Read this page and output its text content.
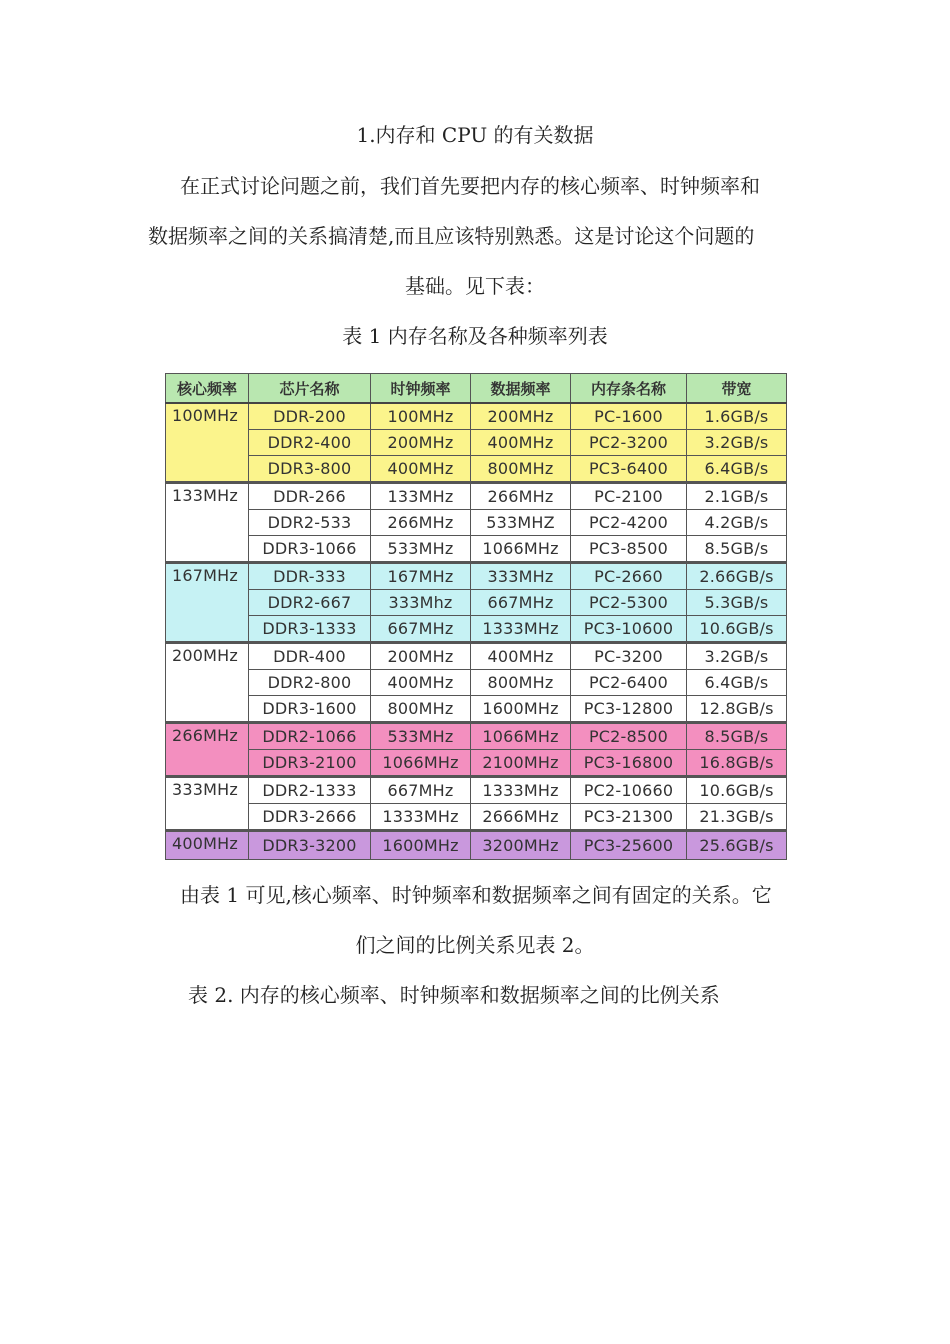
1.内存和 CPU 的有关数据
在正式讨论问题之前，我们首先要把内存的核心频率、时钟频率和
数据频率之间的关系搞清楚,而且应该特别熟悉。这是讨论这个问题的
基础。见下表：
表 1 内存名称及各种频率列表
核心频率	芯片名称	时钟频率	数据频率	内存条名称	带宽
100MHz	DDR-200	100MHz	200MHz	PC-1600	1.6GB/s
	DDR2-400	200MHz	400MHz	PC2-3200	3.2GB/s
	DDR3-800	400MHz	800MHz	PC3-6400	6.4GB/s
133MHz	DDR-266	133MHz	266MHz	PC-2100	2.1GB/s
	DDR2-533	266MHz	533MHZ	PC2-4200	4.2GB/s
	DDR3-1066	533MHz	1066MHz	PC3-8500	8.5GB/s
167MHz	DDR-333	167MHz	333MHz	PC-2660	2.66GB/s
	DDR2-667	333Mhz	667MHz	PC2-5300	5.3GB/s
	DDR3-1333	667MHz	1333MHz	PC3-10600	10.6GB/s
200MHz	DDR-400	200MHz	400MHz	PC-3200	3.2GB/s
	DDR2-800	400MHz	800MHz	PC2-6400	6.4GB/s
	DDR3-1600	800MHz	1600MHz	PC3-12800	12.8GB/s
266MHz	DDR2-1066	533MHz	1066MHz	PC2-8500	8.5GB/s
	DDR3-2100	1066MHz	2100MHz	PC3-16800	16.8GB/s
333MHz	DDR2-1333	667MHz	1333MHz	PC2-10660	10.6GB/s
	DDR3-2666	1333MHz	2666MHz	PC3-21300	21.3GB/s
400MHz	DDR3-3200	1600MHz	3200MHz	PC3-25600	25.6GB/s
由表 1 可见,核心频率、时钟频率和数据频率之间有固定的关系。它
们之间的比例关系见表 2。
表 2. 内存的核心频率、时钟频率和数据频率之间的比例关系
